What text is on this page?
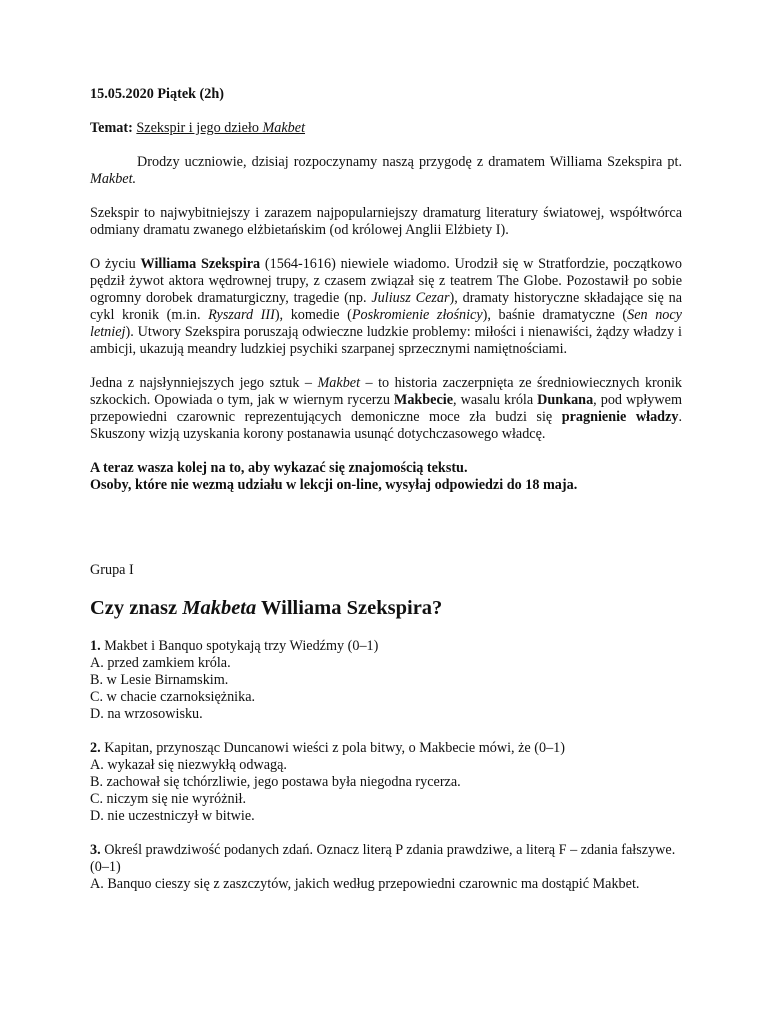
15.05.2020 Piątek (2h)

Temat: Szekspir i jego dzieło Makbet

Drodzy uczniowie, dzisiaj rozpoczynamy naszą przygodę z dramatem Williama Szekspira pt. Makbet.

Szekspir to najwybitniejszy i zarazem najpopularniejszy dramaturg literatury światowej, współtwórca odmiany dramatu zwanego elżbietańskim (od królowej Anglii Elżbiety I).

O życiu Williama Szekspira (1564-1616) niewiele wiadomo. Urodził się w Stratfordzie, początkowo pędził żywot aktora wędrownej trupy, z czasem związał się z teatrem The Globe. Pozostawił po sobie ogromny dorobek dramaturgiczny, tragedie (np. Juliusz Cezar), dramaty historyczne składające się na cykl kronik (m.in. Ryszard III), komedie (Poskromienie złośnicy), baśnie dramatyczne (Sen nocy letniej). Utwory Szekspira poruszają odwieczne ludzkie problemy: miłości i nienawiści, żądzy władzy i ambicji, ukazują meandry ludzkiej psychiki szarpanej sprzecznymi namiętnościami.

Jedna z najsłynniejszych jego sztuk – Makbet – to historia zaczerpnięta ze średniowiecznych kronik szkockich. Opowiada o tym, jak w wiernym rycerzu Makbecie, wasalu króla Dunkana, pod wpływem przepowiedni czarownic reprezentujących demoniczne moce zła budzi się pragnienie władzy. Skuszony wizją uzyskania korony postanawia usunąć dotychczasowego władcę.

A teraz wasza kolej na to, aby wykazać się znajomością tekstu.

Osoby, które nie wezmą udziału w lekcji on-line, wysyłaj odpowiedzi do 18 maja.

Grupa I

Czy znasz Makbeta Williama Szekspira?

1. Makbet i Banquo spotykają trzy Wiedźmy (0–1)

A. przed zamkiem króla.
B. w Lesie Birnamskim.
C. w chacie czarnoksiężnika.
D. na wrzosowisku.

2. Kapitan, przynosząc Duncanowi wieści z pola bitwy, o Makbecie mówi, że (0–1)

A. wykazał się niezwykłą odwagą.
B. zachował się tchórzliwie, jego postawa była niegodna rycerza.
C. niczym się nie wyróżnił.
D. nie uczestniczył w bitwie.

3. Określ prawdziwość podanych zdań. Oznacz literą P zdania prawdziwe, a literą F – zdania fałszywe. (0–1)

A. Banquo cieszy się z zaszczytów, jakich według przepowiedni czarownic ma dostąpić Makbet.
